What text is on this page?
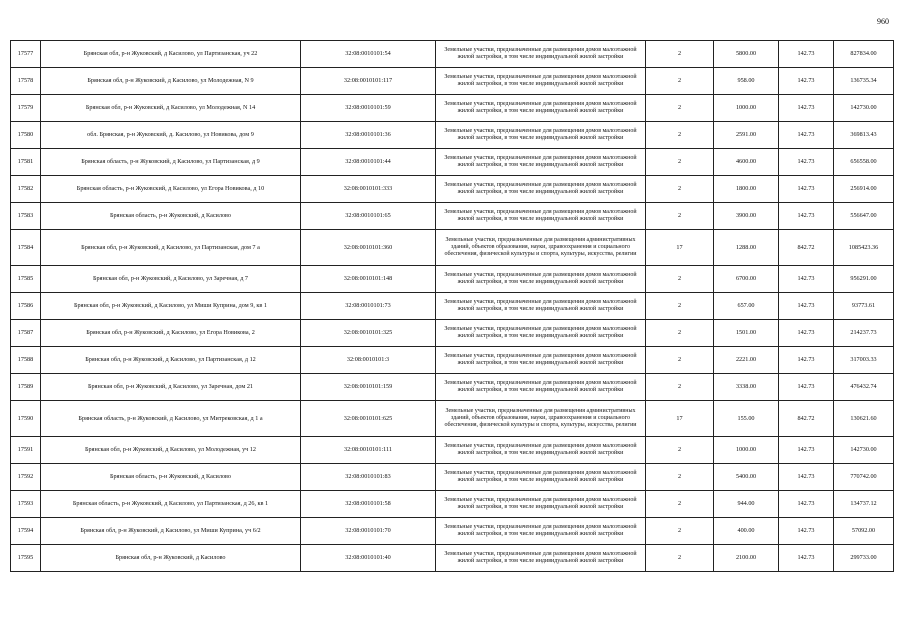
960
17577	Брянская обл, р-н Жуковский, д Касилово, ул Партизанская, уч 22	32:08:0010101:54	Земельные участки, предназначенные для размещения домов малоэтажной жилой застройки, в том числе индивидуальной жилой застройки	2	5800.00	142.73	827834.00
17578	Брянская обл, р-н Жуковский, д Касилово, ул Молодежная, N 9	32:08:0010101:117	Земельные участки, предназначенные для размещения домов малоэтажной жилой застройки, в том числе индивидуальной жилой застройки	2	958.00	142.73	136735.34
17579	Брянская обл, р-н Жуковский, д Касилово, ул Молодежная, N 14	32:08:0010101:59	Земельные участки, предназначенные для размещения домов малоэтажной жилой застройки, в том числе индивидуальной жилой застройки	2	1000.00	142.73	142730.00
17580	обл. Брянская, р-н Жуковский, д. Касилово, ул Новикова, дом 9	32:08:0010101:36	Земельные участки, предназначенные для размещения домов малоэтажной жилой застройки, в том числе индивидуальной жилой застройки	2	2591.00	142.73	369813.43
17581	Брянская область, р-н Жуковский, д Касилово, ул Партизанская, д 9	32:08:0010101:44	Земельные участки, предназначенные для размещения домов малоэтажной жилой застройки, в том числе индивидуальной жилой застройки	2	4600.00	142.73	656558.00
17582	Брянская область, р-н Жуковский, д Касилово, ул Егора Новикова, д 10	32:08:0010101:333	Земельные участки, предназначенные для размещения домов малоэтажной жилой застройки, в том числе индивидуальной жилой застройки	2	1800.00	142.73	256914.00
17583	Брянская область, р-н Жуковский, д Касилово	32:08:0010101:65	Земельные участки, предназначенные для размещения домов малоэтажной жилой застройки, в том числе индивидуальной жилой застройки	2	3900.00	142.73	556647.00
17584	Брянская обл, р-н Жуковский, д Касилово, ул Партизанская, дом 7 а	32:08:0010101:360	Земельные участки, предназначенные для размещения административных зданий, объектов образования, науки, здравоохранения и социального обеспечения, физической культуры и спорта, культуры, искусства, религии	17	1288.00	842.72	1085423.36
17585	Брянская обл, р-н Жуковский, д Касилово, ул Заречная, д 7	32:08:0010101:148	Земельные участки, предназначенные для размещения домов малоэтажной жилой застройки, в том числе индивидуальной жилой застройки	2	6700.00	142.73	956291.00
17586	Брянская обл, р-н Жуковский, д Касилово, ул Миши Куприна, дом 9, кв 1	32:08:0010101:73	Земельные участки, предназначенные для размещения домов малоэтажной жилой застройки, в том числе индивидуальной жилой застройки	2	657.00	142.73	93773.61
17587	Брянская обл, р-н Жуковский, д Касилово, ул Егора Новикова, 2	32:08:0010101:325	Земельные участки, предназначенные для размещения домов малоэтажной жилой застройки, в том числе индивидуальной жилой застройки	2	1501.00	142.73	214237.73
17588	Брянская обл, р-н Жуковский, д Касилово, ул Партизанская, д 12	32:08:0010101:3	Земельные участки, предназначенные для размещения домов малоэтажной жилой застройки, в том числе индивидуальной жилой застройки	2	2221.00	142.73	317003.33
17589	Брянская обл, р-н Жуковский, д Касилово, ул Заречная, дом 21	32:08:0010101:159	Земельные участки, предназначенные для размещения домов малоэтажной жилой застройки, в том числе индивидуальной жилой застройки	2	3338.00	142.73	476432.74
17590	Брянская область, р-н Жуковский, д Касилово, ул Митрековская, д 1 а	32:08:0010101:625	Земельные участки, предназначенные для размещения административных зданий, объектов образования, науки, здравоохранения и социального обеспечения, физической культуры и спорта, культуры, искусства, религии	17	155.00	842.72	130621.60
17591	Брянская обл, р-н Жуковский, д Касилово, ул Молодежная, уч 12	32:08:0010101:111	Земельные участки, предназначенные для размещения домов малоэтажной жилой застройки, в том числе индивидуальной жилой застройки	2	1000.00	142.73	142730.00
17592	Брянская область, р-н Жуковский, д Касилово	32:08:0010101:83	Земельные участки, предназначенные для размещения домов малоэтажной жилой застройки, в том числе индивидуальной жилой застройки	2	5400.00	142.73	770742.00
17593	Брянская область, р-н Жуковский, д Касилово, ул Партизанская, д 26, кв 1	32:08:0010101:58	Земельные участки, предназначенные для размещения домов малоэтажной жилой застройки, в том числе индивидуальной жилой застройки	2	944.00	142.73	134737.12
17594	Брянская обл, р-н Жуковский, д Касилово, ул Миши Куприна, уч 6/2	32:08:0010101:70	Земельные участки, предназначенные для размещения домов малоэтажной жилой застройки, в том числе индивидуальной жилой застройки	2	400.00	142.73	57092.00
17595	Брянская обл, р-н Жуковский, д Касилово	32:08:0010101:40	Земельные участки, предназначенные для размещения домов малоэтажной жилой застройки, в том числе индивидуальной жилой застройки	2	2100.00	142.73	299733.00
